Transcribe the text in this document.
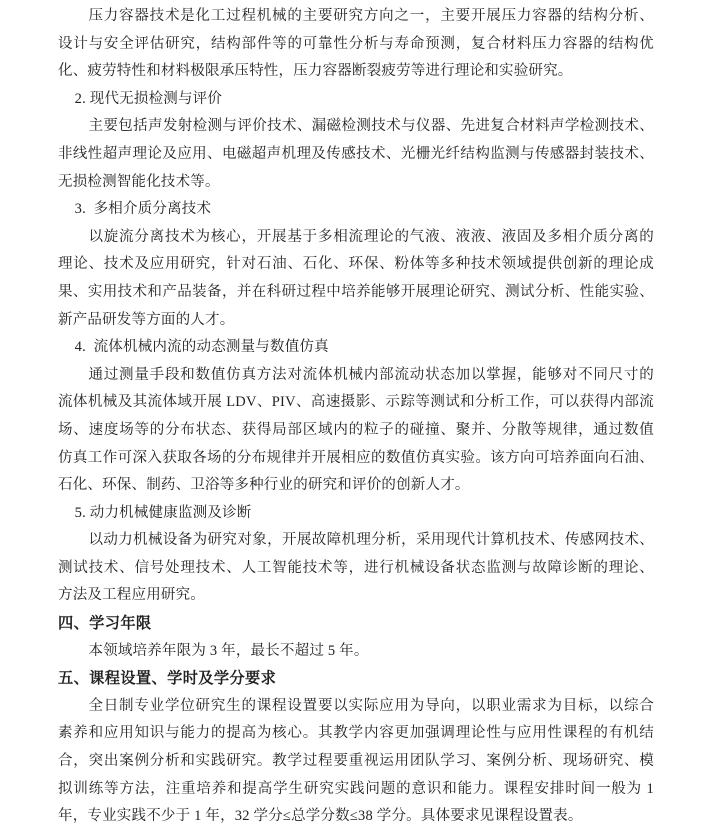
压力容器技术是化工过程机械的主要研究方向之一，主要开展压力容器的结构分析、
设计与安全评估研究，结构部件等的可靠性分析与寿命预测，复合材料压力容器的结构优
化、疲劳特性和材料极限承压特性，压力容器断裂疲劳等进行理论和实验研究。
2. 现代无损检测与评价
主要包括声发射检测与评价技术、漏磁检测技术与仪器、先进复合材料声学检测技术、
非线性超声理论及应用、电磁超声机理及传感技术、光栅光纤结构监测与传感器封装技术、
无损检测智能化技术等。
3.  多相介质分离技术
以旋流分离技术为核心，开展基于多相流理论的气液、液液、液固及多相介质分离的
理论、技术及应用研究，针对石油、石化、环保、粉体等多种技术领域提供创新的理论成
果、实用技术和产品装备，并在科研过程中培养能够开展理论研究、测试分析、性能实验、
新产品研发等方面的人才。
4.  流体机械内流的动态测量与数值仿真
通过测量手段和数值仿真方法对流体机械内部流动状态加以掌握，能够对不同尺寸的
流体机械及其流体域开展 LDV、PIV、高速摄影、示踪等测试和分析工作，可以获得内部流
场、速度场等的分布状态、获得局部区域内的粒子的碰撞、聚并、分散等规律，通过数值
仿真工作可深入获取各场的分布规律并开展相应的数值仿真实验。该方向可培养面向石油、
石化、环保、制药、卫浴等多种行业的研究和评价的创新人才。
5. 动力机械健康监测及诊断
以动力机械设备为研究对象，开展故障机理分析，采用现代计算机技术、传感网技术、
测试技术、信号处理技术、人工智能技术等，进行机械设备状态监测与故障诊断的理论、
方法及工程应用研究。
四、学习年限
本领域培养年限为 3 年，最长不超过 5 年。
五、课程设置、学时及学分要求
全日制专业学位研究生的课程设置要以实际应用为导向，以职业需求为目标，以综合
素养和应用知识与能力的提高为核心。其教学内容更加强调理论性与应用性课程的有机结
合，突出案例分析和实践研究。教学过程要重视运用团队学习、案例分析、现场研究、模
拟训练等方法，注重培养和提高学生研究实践问题的意识和能力。课程安排时间一般为 1
年，专业实践不少于 1 年，32 学分≤总学分数≤38 学分。具体要求见课程设置表。
